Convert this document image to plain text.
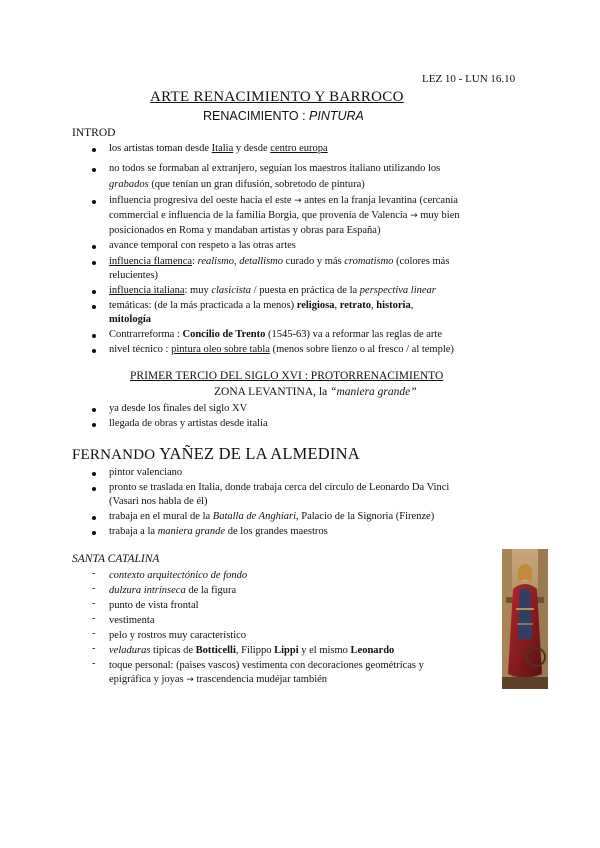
LEZ 10 - LUN 16.10
ARTE RENACIMIENTO Y BARROCO
RENACIMIENTO : PINTURA
INTROD
los artistas toman desde Italia y desde centro europa
no todos se formaban al extranjero, seguían los maestros italiano utilizando los
grabados (que tenían un gran difusión, sobretodo de pintura)
influencia progresiva del oeste hacia el este → antes en la franja levantina (cercanía
commercial e influencia de la familia Borgia, que provenía de Valencia → muy bien
posicionados en Roma y mandaban artistas y obras para España)
avance temporal con respeto a las otras artes
influencia flamenca: realismo, detallismo curado y más cromatismo (colores más
relucientes)
influencia italiana: muy clasicista / puesta en práctica de la perspectiva linear
temáticas: (de la más practicada a la menos) religiosa, retrato, historia,
mitología
Contrarreforma : Concilio de Trento (1545-63) va a reformar las reglas de arte
nivel técnico : pintura oleo sobre tabla (menos sobre lienzo o al fresco / al temple)
PRIMER TERCIO DEL SIGLO XVI : PROTORRENACIMIENTO
ZONA LEVANTINA, la “maniera grande”
ya desde los finales del siglo XV
llegada de obras y artistas desde italia
FERNANDO YAÑEZ DE LA ALMEDINA
pintor valenciano
pronto se traslada en Italia, donde trabaja cerca del círculo de Leonardo Da Vinci
(Vasari nos habla de él)
trabaja en el mural de la Batalla de Anghiari, Palacio de la Signoria (Firenze)
trabaja a la maniera grande de los grandes maestros
SANTA CATALINA
- contexto arquitectónico de fondo
- dulzura intrínseca de la figura
- punto de vista frontal
- vestimenta
- pelo y rostros muy característico
- veladuras típicas de Botticelli, Filippo Lippi y el mismo Leonardo
- toque personal: (paises vascos) vestimenta con decoraciones geométricas y
epigráfica y joyas → trascendencia mudéjar también
